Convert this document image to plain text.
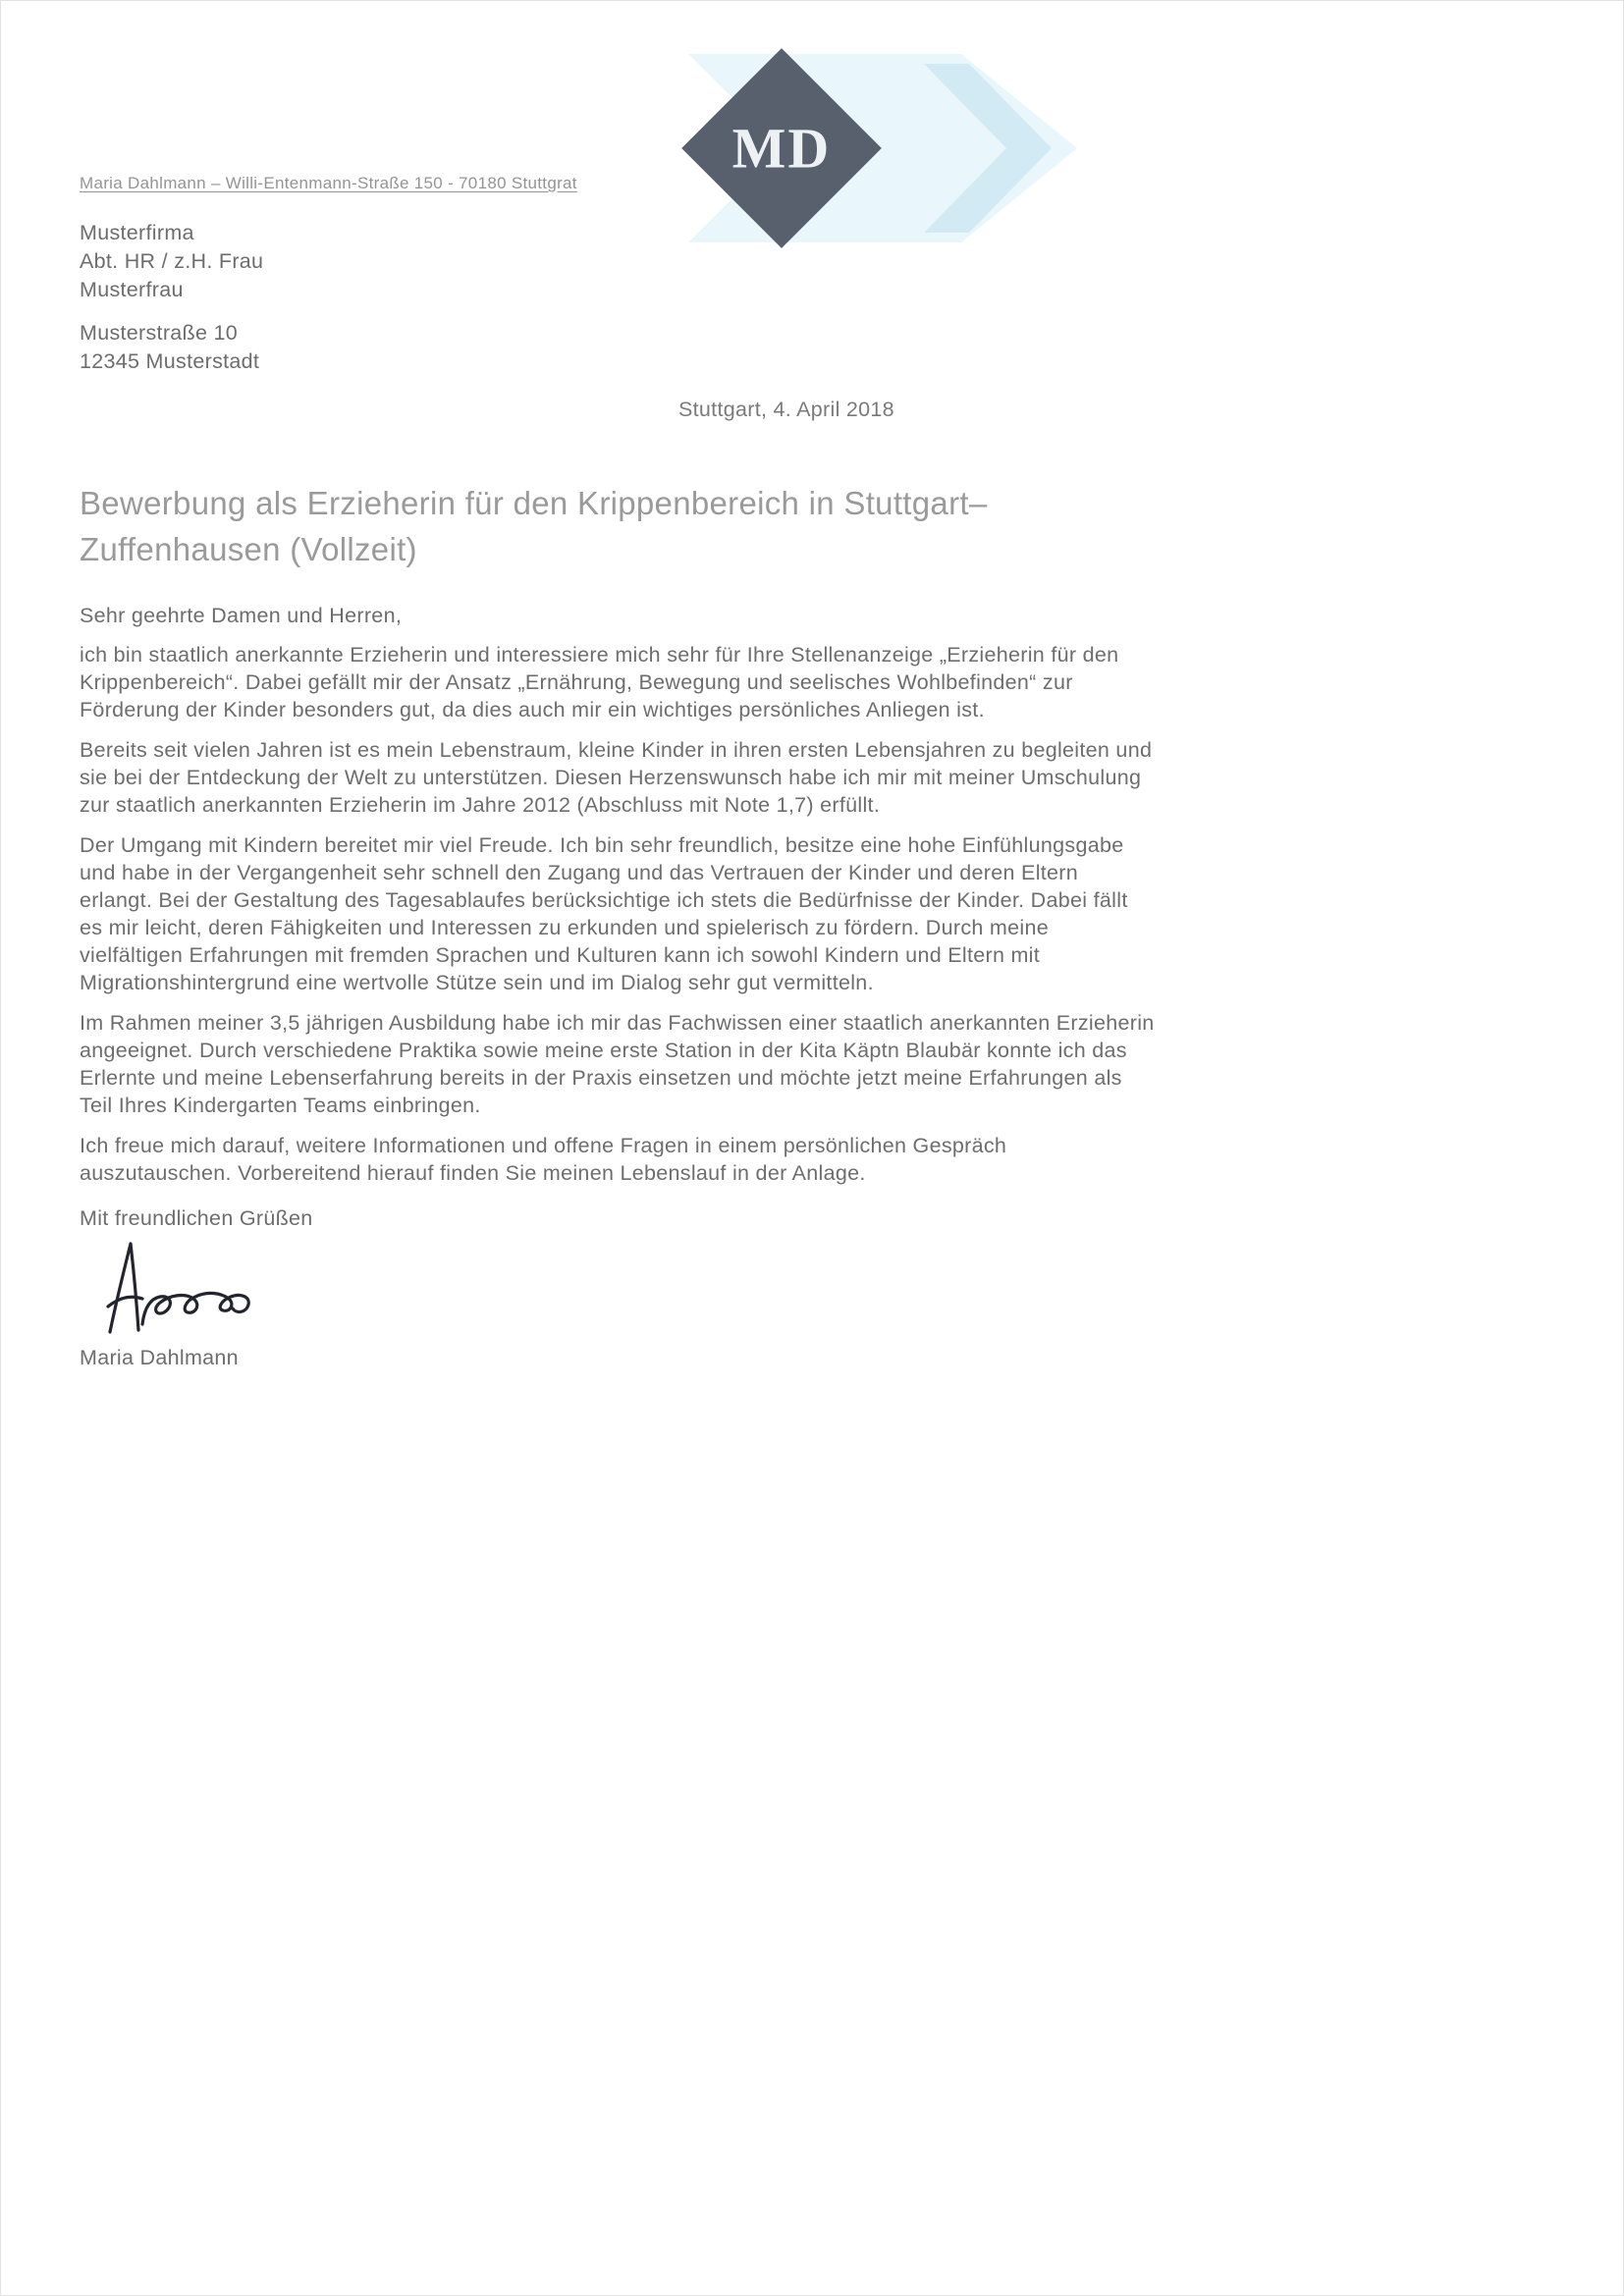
MD
Maria Dahlmann – Willi-Entenmann-Straße 150 - 70180 Stuttgrat
Musterfirma
Abt. HR / z.H. Frau
Musterfrau
Musterstraße 10
12345 Musterstadt
Stuttgart, 4. April 2018
Bewerbung als Erzieherin für den Krippenbereich in Stuttgart–Zuffenhausen (Vollzeit)

Sehr geehrte Damen und Herren,

ich bin staatlich anerkannte Erzieherin und interessiere mich sehr für Ihre Stellenanzeige „Erzieherin für den Krippenbereich“. Dabei gefällt mir der Ansatz „Ernährung, Bewegung und seelisches Wohlbefinden“ zur Förderung der Kinder besonders gut, da dies auch mir ein wichtiges persönliches Anliegen ist.

Bereits seit vielen Jahren ist es mein Lebenstraum, kleine Kinder in ihren ersten Lebensjahren zu begleiten und sie bei der Entdeckung der Welt zu unterstützen. Diesen Herzenswunsch habe ich mir mit meiner Umschulung zur staatlich anerkannten Erzieherin im Jahre 2012 (Abschluss mit Note 1,7) erfüllt.

Der Umgang mit Kindern bereitet mir viel Freude. Ich bin sehr freundlich, besitze eine hohe Einfühlungsgabe und habe in der Vergangenheit sehr schnell den Zugang und das Vertrauen der Kinder und deren Eltern erlangt. Bei der Gestaltung des Tagesablaufes berücksichtige ich stets die Bedürfnisse der Kinder. Dabei fällt es mir leicht, deren Fähigkeiten und Interessen zu erkunden und spielerisch zu fördern. Durch meine vielfältigen Erfahrungen mit fremden Sprachen und Kulturen kann ich sowohl Kindern und Eltern mit Migrationshintergrund eine wertvolle Stütze sein und im Dialog sehr gut vermitteln.

Im Rahmen meiner 3,5 jährigen Ausbildung habe ich mir das Fachwissen einer staatlich anerkannten Erzieherin angeeignet. Durch verschiedene Praktika sowie meine erste Station in der Kita Käptn Blaubär konnte ich das Erlernte und meine Lebenserfahrung bereits in der Praxis einsetzen und möchte jetzt meine Erfahrungen als Teil Ihres Kindergarten Teams einbringen.

Ich freue mich darauf, weitere Informationen und offene Fragen in einem persönlichen Gespräch auszutauschen. Vorbereitend hierauf finden Sie meinen Lebenslauf in der Anlage.

Mit freundlichen Grüßen

Maria Dahlmann
